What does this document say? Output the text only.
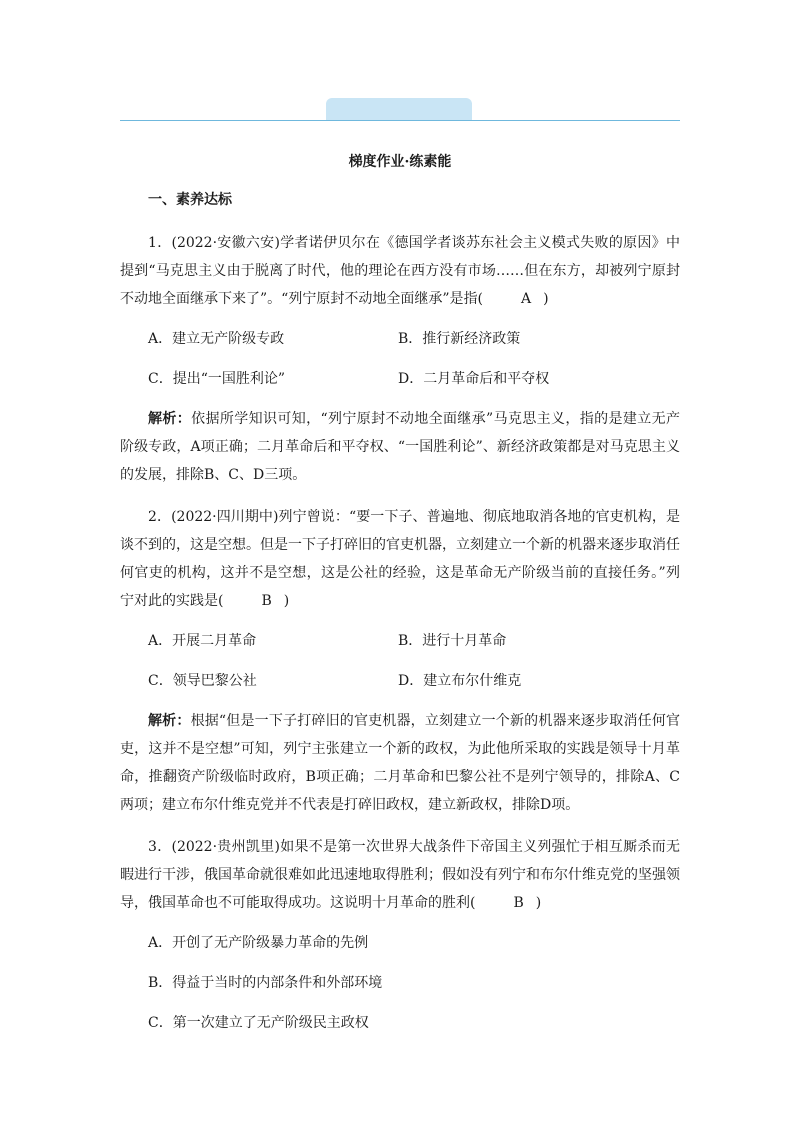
梯度作业·练素能
一、素养达标
1．(2022·安徽六安)学者诺伊贝尔在《德国学者谈苏东社会主义模式失败的原因》中提到“马克思主义由于脱离了时代，他的理论在西方没有市场……但在东方，却被列宁原封不动地全面继承下来了”。“列宁原封不动地全面继承”是指(	A )
A．建立无产阶级专政	B．推行新经济政策
C．提出“一国胜利论”	D．二月革命后和平夺权
解析：依据所学知识可知，“列宁原封不动地全面继承”马克思主义，指的是建立无产阶级专政，A项正确；二月革命后和平夺权、“一国胜利论”、新经济政策都是对马克思主义的发展，排除B、C、D三项。
2．(2022·四川期中)列宁曾说：“要一下子、普遍地、彻底地取消各地的官吏机构，是谈不到的，这是空想。但是一下子打碎旧的官吏机器，立刻建立一个新的机器来逐步取消任何官吏的机构，这并不是空想，这是公社的经验，这是革命无产阶级当前的直接任务。”列宁对此的实践是(	B )
A．开展二月革命	B．进行十月革命
C．领导巴黎公社	D．建立布尔什维克
解析：根据“但是一下子打碎旧的官吏机器，立刻建立一个新的机器来逐步取消任何官吏，这并不是空想”可知，列宁主张建立一个新的政权，为此他所采取的实践是领导十月革命，推翻资产阶级临时政府，B项正确；二月革命和巴黎公社不是列宁领导的，排除A、C两项；建立布尔什维克党并不代表是打碎旧政权，建立新政权，排除D项。
3．(2022·贵州凯里)如果不是第一次世界大战条件下帝国主义列强忙于相互厮杀而无暇进行干涉，俄国革命就很难如此迅速地取得胜利；假如没有列宁和布尔什维克党的坚强领导，俄国革命也不可能取得成功。这说明十月革命的胜利(	B )
A．开创了无产阶级暴力革命的先例
B．得益于当时的内部条件和外部环境
C．第一次建立了无产阶级民主政权
